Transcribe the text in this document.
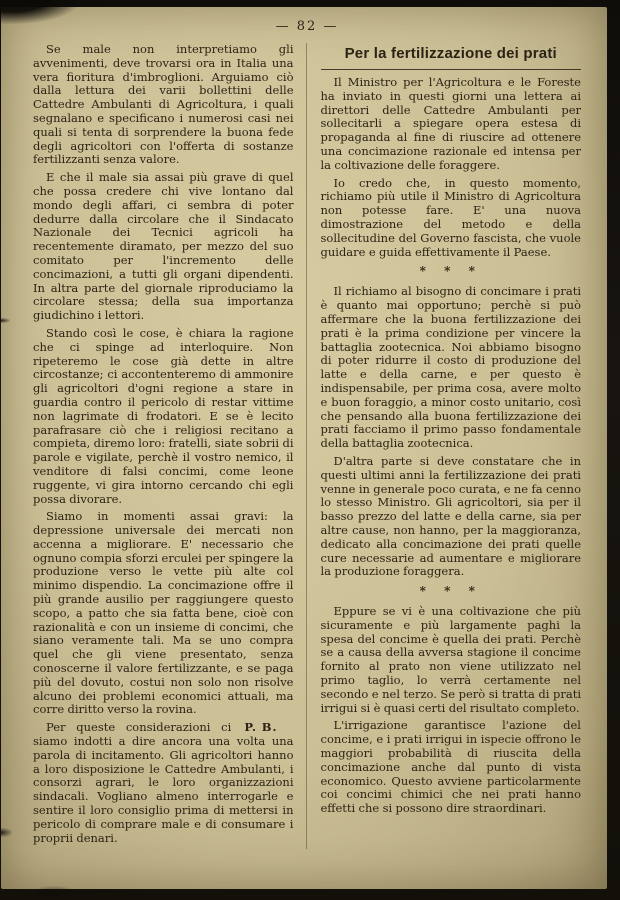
— 82 —

Se male non interpretiamo gli avvenimenti, deve trovarsi ora in Italia una vera fioritura d'imbroglioni. Arguiamo ciò dalla lettura dei varii bollettini delle Cattedre Ambulanti di Agricoltura, i quali segnalano e specificano i numerosi casi nei quali si tenta di sorprendere la buona fede degli agricoltori con l'offerta di sostanze fertilizzanti senza valore.

E che il male sia assai più grave di quel che possa credere chi vive lontano dal mondo degli affari, ci sembra di poter dedurre dalla circolare che il Sindacato Nazionale dei Tecnici agricoli ha recentemente diramato, per mezzo del suo comitato per l'incremento delle concimazioni, a tutti gli organi dipendenti. In altra parte del giornale riproduciamo la circolare stessa; della sua importanza giudichino i lettori.

Stando così le cose, è chiara la ragione che ci spinge ad interloquire. Non ripeteremo le cose già dette in altre circostanze; ci accontenteremo di ammonire gli agricoltori d'ogni regione a stare in guardia contro il pericolo di restar vittime non lagrimate di frodatori. E se è lecito parafrasare ciò che i religiosi recitano a compieta, diremo loro: fratelli, siate sobrii di parole e vigilate, perchè il vostro nemico, il venditore di falsi concimi, come leone ruggente, vi gira intorno cercando chi egli possa divorare.

Siamo in momenti assai gravi: la depressione universale dei mercati non accenna a migliorare. E' necessario che ognuno compia sforzi erculei per spingere la produzione verso le vette più alte col minimo dispendio. La concimazione offre il più grande ausilio per raggiungere questo scopo, a patto che sia fatta bene, cioè con razionalità e con un insieme di concimi, che siano veramente tali. Ma se uno compra quel che gli viene presentato, senza conoscerne il valore fertilizzante, e se paga più del dovuto, costui non solo non risolve alcuno dei problemi economici attuali, ma corre diritto verso la rovina.

P. B.
Per queste considerazioni ci siamo indotti a dire ancora una volta una parola di incitamento. Gli agricoltori hanno a loro disposizione le Cattedre Ambulanti, i consorzi agrari, le loro organizzazioni sindacali. Vogliano almeno interrogarle e sentire il loro consiglio prima di mettersi in pericolo di comprare male e di consumare i proprii denari.

Per la fertilizzazione dei prati

Il Ministro per l'Agricoltura e le Foreste ha inviato in questi giorni una lettera ai direttori delle Cattedre Ambulanti per sollecitarli a spiegare opera estesa di propaganda al fine di riuscire ad ottenere una concimazione razionale ed intensa per la coltivazione delle foraggere.

Io credo che, in questo momento, richiamo più utile il Ministro di Agricoltura non potesse fare. E' una nuova dimostrazione del metodo e della sollecitudine del Governo fascista, che vuole guidare e guida effettivamente il Paese.

* * *

Il richiamo al bisogno di concimare i prati è quanto mai opportuno; perchè si può affermare che la buona fertilizzazione dei prati è la prima condizione per vincere la battaglia zootecnica. Noi abbiamo bisogno di poter ridurre il costo di produzione del latte e della carne, e per questo è indispensabile, per prima cosa, avere molto e buon foraggio, a minor costo unitario, così che pensando alla buona fertilizzazione dei prati facciamo il primo passo fondamentale della battaglia zootecnica.

D'altra parte si deve constatare che in questi ultimi anni la fertilizzazione dei prati venne in generale poco curata, e ne fa cenno lo stesso Ministro. Gli agricoltori, sia per il basso prezzo del latte e della carne, sia per altre cause, non hanno, per la maggioranza, dedicato alla concimazione dei prati quelle cure necessarie ad aumentare e migliorare la produzione foraggera.

* * *

Eppure se vi è una coltivazione che più sicuramente e più largamente paghi la spesa del concime è quella dei prati. Perchè se a causa della avversa stagione il concime fornito al prato non viene utilizzato nel primo taglio, lo verrà certamente nel secondo e nel terzo. Se però si tratta di prati irrigui si è quasi certi del risultato completo.

L'irrigazione garantisce l'azione del concime, e i prati irrigui in ispecie offrono le maggiori probabilità di riuscita della concimazione anche dal punto di vista economico. Questo avviene particolarmente coi concimi chimici che nei prati hanno effetti che si possono dire straordinari.
